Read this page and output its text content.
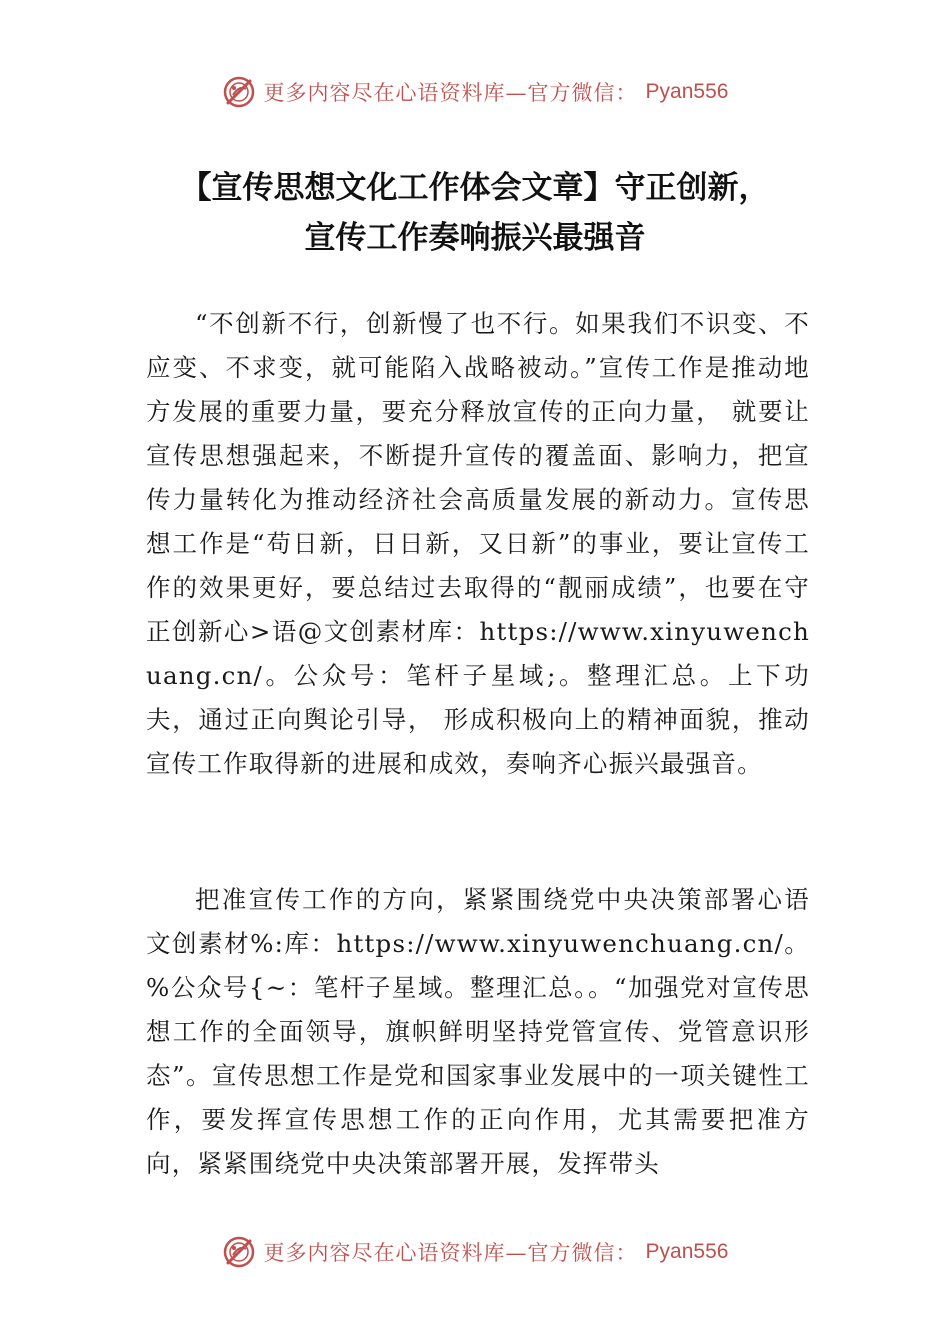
更多内容尽在心语资料库—官方微信： Pyan556
【宣传思想文化工作体会文章】守正创新，
宣传工作奏响振兴最强音

“不创新不行，创新慢了也不行。如果我们不识变、不应变、不求变，就可能陷入战略被动。”宣传工作是推动地方发展的重要力量，要充分释放宣传的正向力量， 就要让宣传思想强起来，不断提升宣传的覆盖面、影响力，把宣传力量转化为推动经济社会高质量发展的新动力。宣传思想工作是“苟日新，日日新，又日新”的事业，要让宣传工作的效果更好，要总结过去取得的“靓丽成绩”，也要在守正创新心>语@文创素材库：https://www.xinyuwenchuang.cn/。公众号：笔杆子星域;。整理汇总。上下功夫，通过正向舆论引导， 形成积极向上的精神面貌，推动宣传工作取得新的进展和成效，奏响齐心振兴最强音。

把准宣传工作的方向，紧紧围绕党中央决策部署心语文创素材%:库：https://www.xinyuwenchuang.cn/。%公众号{~：笔杆子星域。整理汇总。。“加强党对宣传思想工作的全面领导，旗帜鲜明坚持党管宣传、党管意识形态”。宣传思想工作是党和国家事业发展中的一项关键性工作，要发挥宣传思想工作的正向作用，尤其需要把准方向，紧紧围绕党中央决策部署开展，发挥带头

更多内容尽在心语资料库—官方微信： Pyan556
